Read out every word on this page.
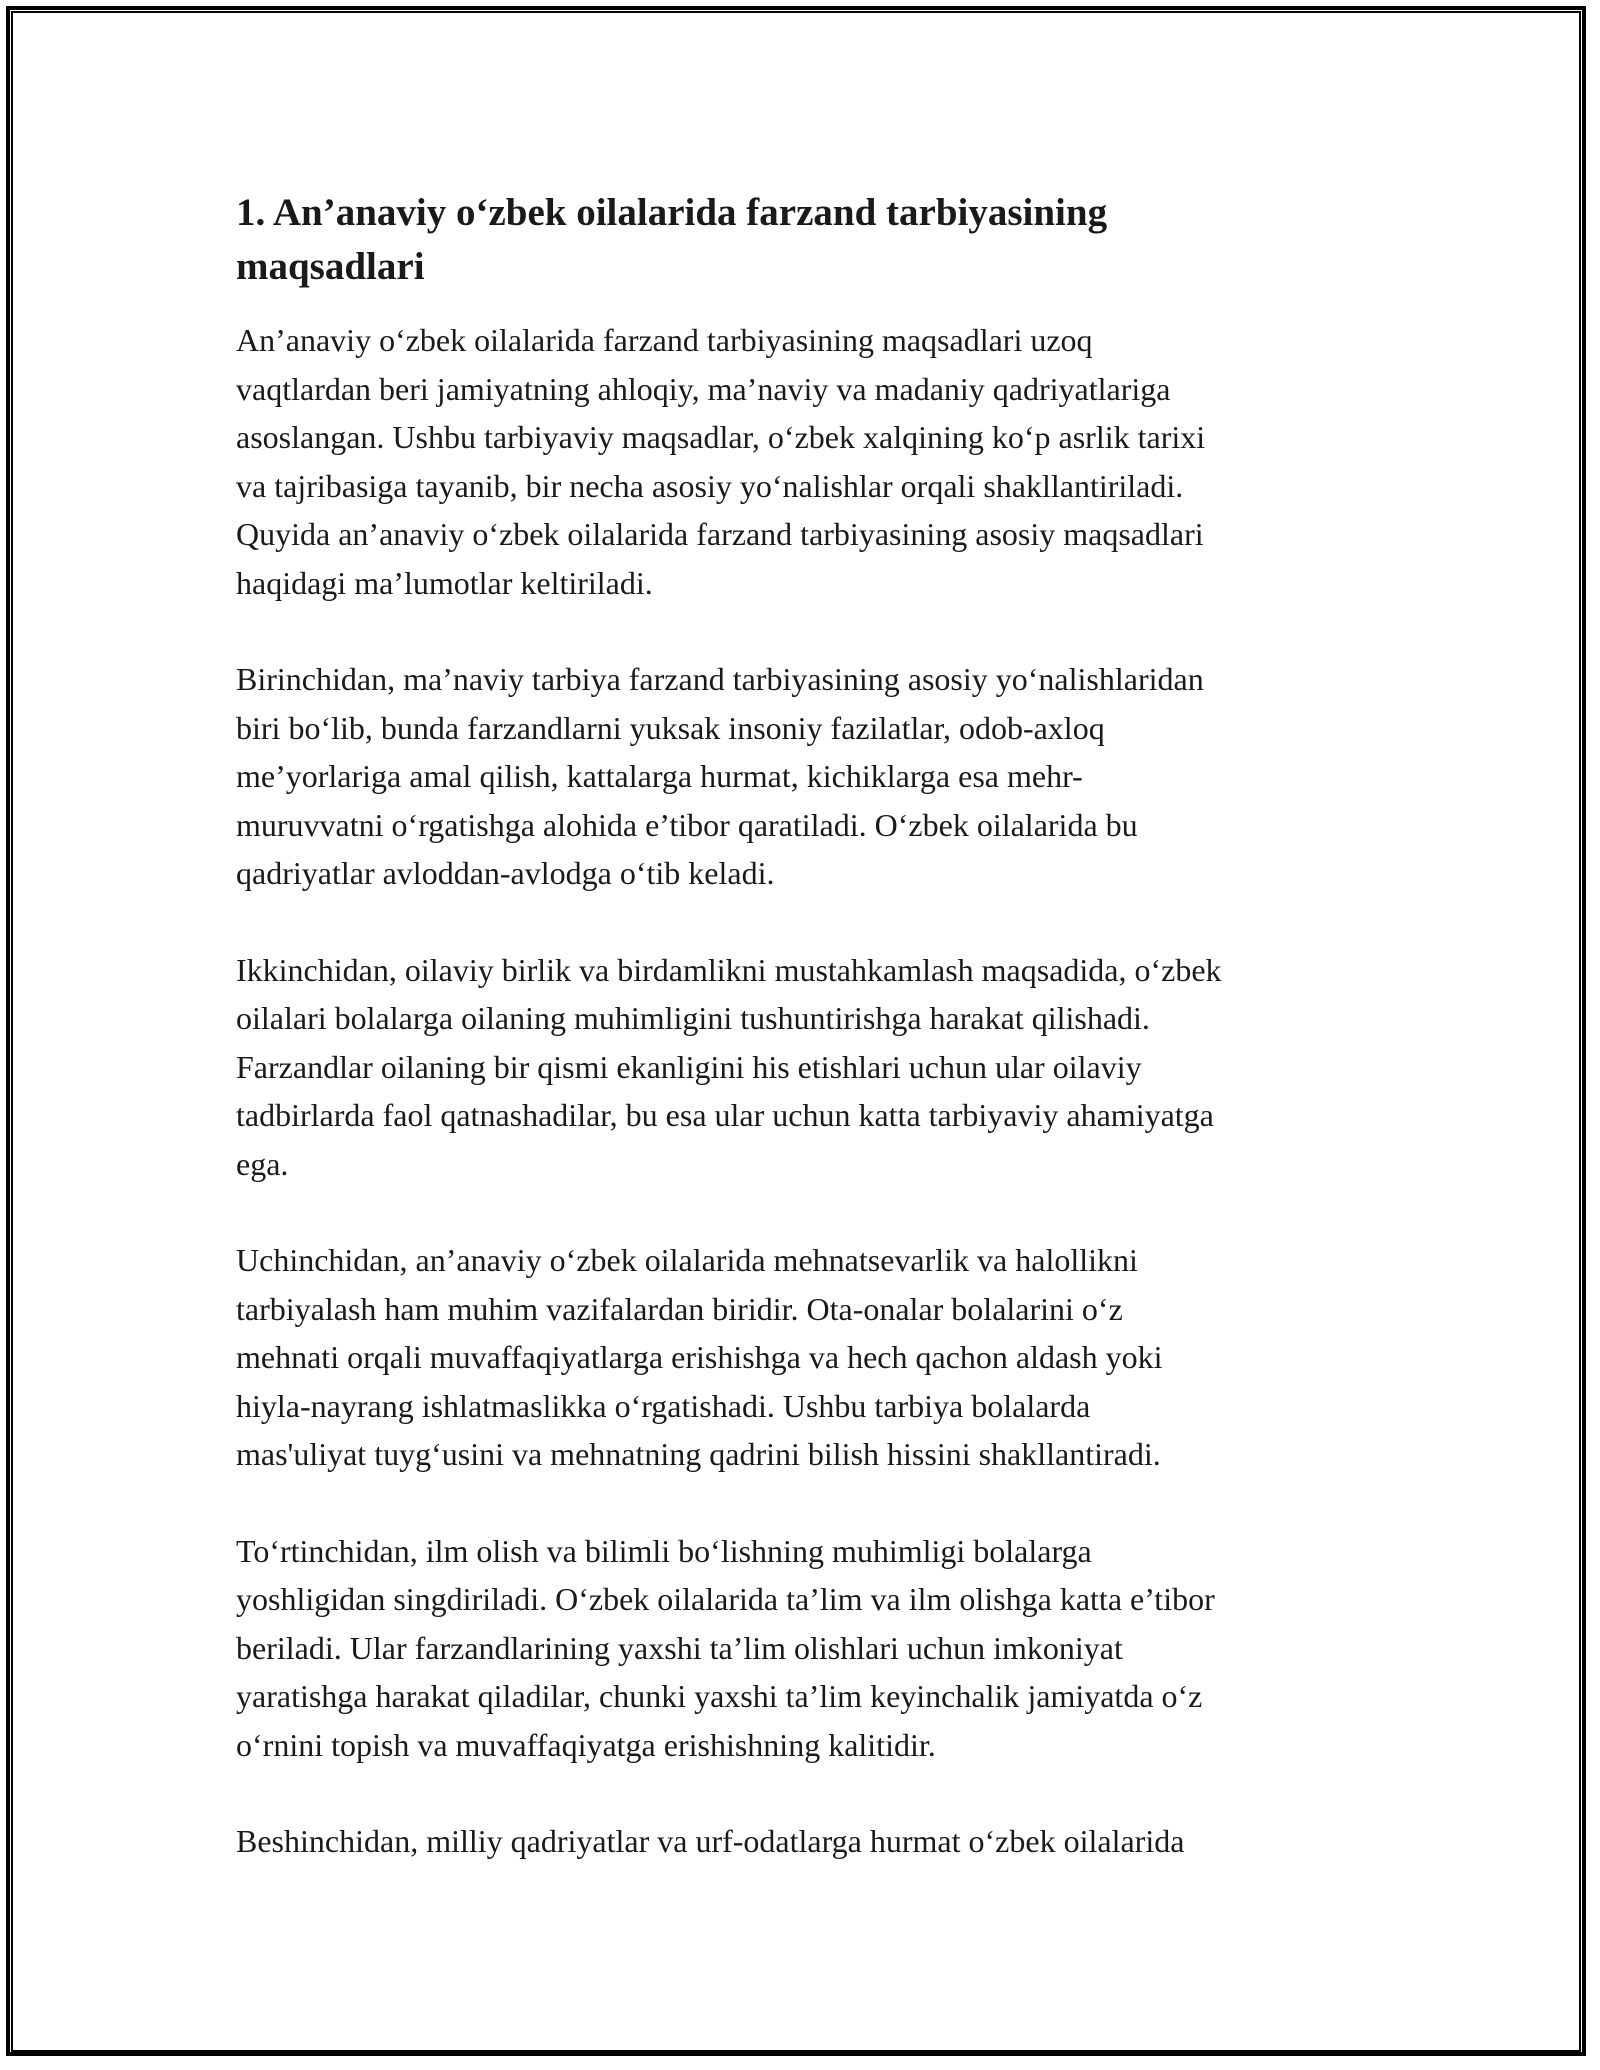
1. An’anaviy o‘zbek oilalarida farzand tarbiyasining
maqsadlari

An’anaviy o‘zbek oilalarida farzand tarbiyasining maqsadlari uzoq
vaqtlardan beri jamiyatning ahloqiy, ma’naviy va madaniy qadriyatlariga
asoslangan. Ushbu tarbiyaviy maqsadlar, o‘zbek xalqining ko‘p asrlik tarixi
va tajribasiga tayanib, bir necha asosiy yo‘nalishlar orqali shakllantiriladi.
Quyida an’anaviy o‘zbek oilalarida farzand tarbiyasining asosiy maqsadlari
haqidagi ma’lumotlar keltiriladi.

Birinchidan, ma’naviy tarbiya farzand tarbiyasining asosiy yo‘nalishlaridan
biri bo‘lib, bunda farzandlarni yuksak insoniy fazilatlar, odob-axloq
me’yorlariga amal qilish, kattalarga hurmat, kichiklarga esa mehr-
muruvvatni o‘rgatishga alohida e’tibor qaratiladi. O‘zbek oilalarida bu
qadriyatlar avloddan-avlodga o‘tib keladi.

Ikkinchidan, oilaviy birlik va birdamlikni mustahkamlash maqsadida, o‘zbek
oilalari bolalarga oilaning muhimligini tushuntirishga harakat qilishadi.
Farzandlar oilaning bir qismi ekanligini his etishlari uchun ular oilaviy
tadbirlarda faol qatnashadilar, bu esa ular uchun katta tarbiyaviy ahamiyatga
ega.

Uchinchidan, an’anaviy o‘zbek oilalarida mehnatsevarlik va halollikni
tarbiyalash ham muhim vazifalardan biridir. Ota-onalar bolalarini o‘z
mehnati orqali muvaffaqiyatlarga erishishga va hech qachon aldash yoki
hiyla-nayrang ishlatmaslikka o‘rgatishadi. Ushbu tarbiya bolalarda
mas'uliyat tuyg‘usini va mehnatning qadrini bilish hissini shakllantiradi.

To‘rtinchidan, ilm olish va bilimli bo‘lishning muhimligi bolalarga
yoshligidan singdiriladi. O‘zbek oilalarida ta’lim va ilm olishga katta e’tibor
beriladi. Ular farzandlarining yaxshi ta’lim olishlari uchun imkoniyat
yaratishga harakat qiladilar, chunki yaxshi ta’lim keyinchalik jamiyatda o‘z
o‘rnini topish va muvaffaqiyatga erishishning kalitidir.

Beshinchidan, milliy qadriyatlar va urf-odatlarga hurmat o‘zbek oilalarida
